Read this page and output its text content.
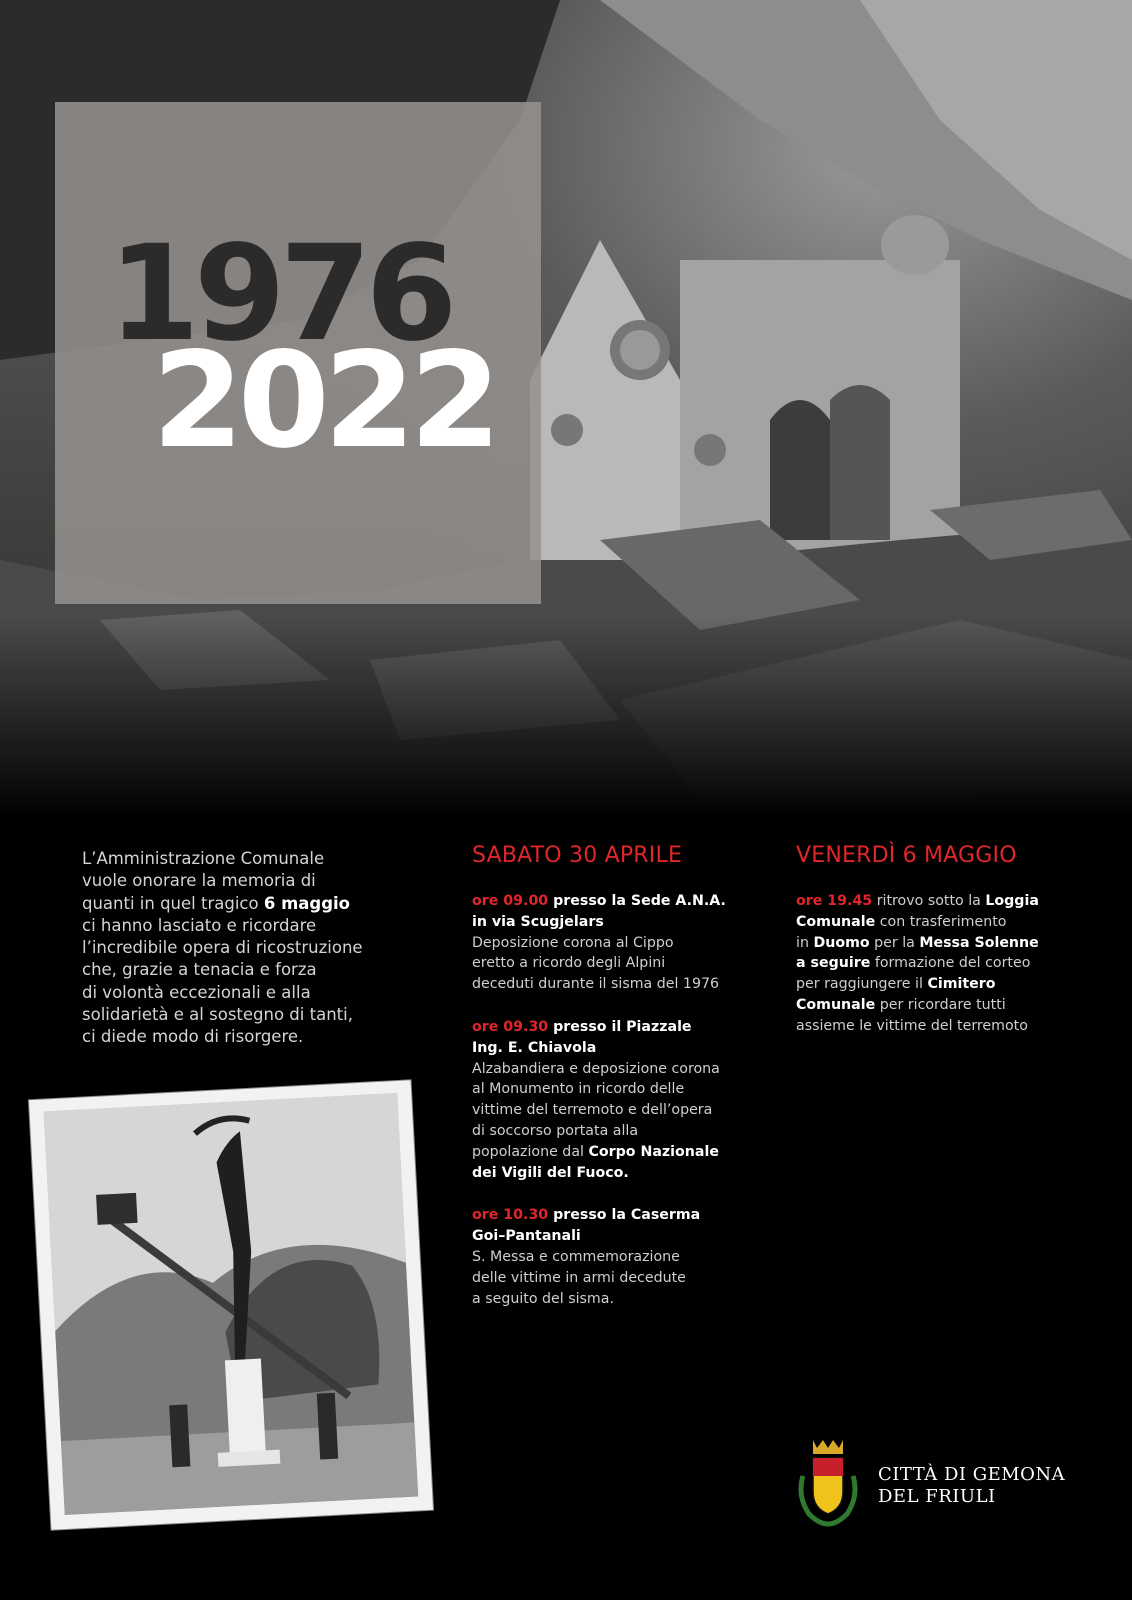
1976
2022
L’Amministrazione Comunale
vuole onorare la memoria di
quanti in quel tragico 6 maggio
ci hanno lasciato e ricordare
l’incredibile opera di ricostruzione
che, grazie a tenacia e forza
di volontà eccezionali e alla
solidarietà e al sostegno di tanti,
ci diede modo di risorgere.
SABATO 30 APRILE

ore 09.00 presso la Sede A.N.A.

in via Scugjelars

Deposizione corona al Cippo

eretto a ricordo degli Alpini

deceduti durante il sisma del 1976

ore 09.30 presso il Piazzale

Ing. E. Chiavola

Alzabandiera e deposizione corona

al Monumento in ricordo delle

vittime del terremoto e dell’opera

di soccorso portata alla

popolazione dal Corpo Nazionale

dei Vigili del Fuoco.

ore 10.30 presso la Caserma

Goi–Pantanali

S. Messa e commemorazione

delle vittime in armi decedute

a seguito del sisma.

VENERDÌ 6 MAGGIO

ore 19.45 ritrovo sotto la Loggia

Comunale con trasferimento

in Duomo per la Messa Solenne

a seguire formazione del corteo

per raggiungere il Cimitero

Comunale per ricordare tutti

assieme le vittime del terremoto

CITTÀ DI GEMONA
DEL FRIULI
